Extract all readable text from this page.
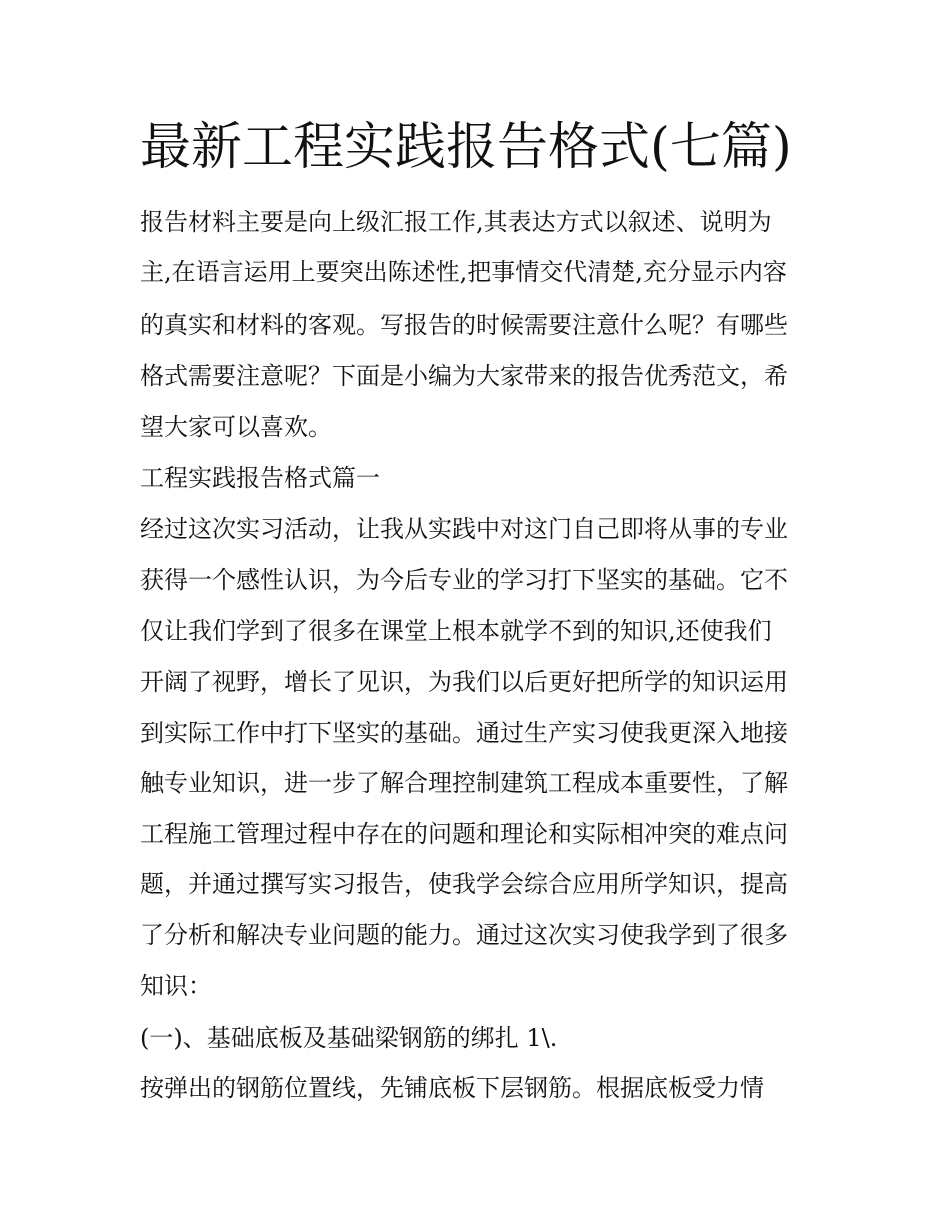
最新工程实践报告格式(七篇)

报告材料主要是向上级汇报工作,其表达方式以叙述、说明为

主,在语言运用上要突出陈述性,把事情交代清楚,充分显示内容

的真实和材料的客观。写报告的时候需要注意什么呢？有哪些

格式需要注意呢？下面是小编为大家带来的报告优秀范文，希

望大家可以喜欢。

工程实践报告格式篇一

经过这次实习活动，让我从实践中对这门自己即将从事的专业

获得一个感性认识，为今后专业的学习打下坚实的基础。它不

仅让我们学到了很多在课堂上根本就学不到的知识,还使我们

开阔了视野，增长了见识，为我们以后更好把所学的知识运用

到实际工作中打下坚实的基础。通过生产实习使我更深入地接

触专业知识，进一步了解合理控制建筑工程成本重要性，了解

工程施工管理过程中存在的问题和理论和实际相冲突的难点问

题，并通过撰写实习报告，使我学会综合应用所学知识，提高

了分析和解决专业问题的能力。通过这次实习使我学到了很多

知识：

(一)、基础底板及基础梁钢筋的绑扎 1\.

按弹出的钢筋位置线，先铺底板下层钢筋。根据底板受力情
